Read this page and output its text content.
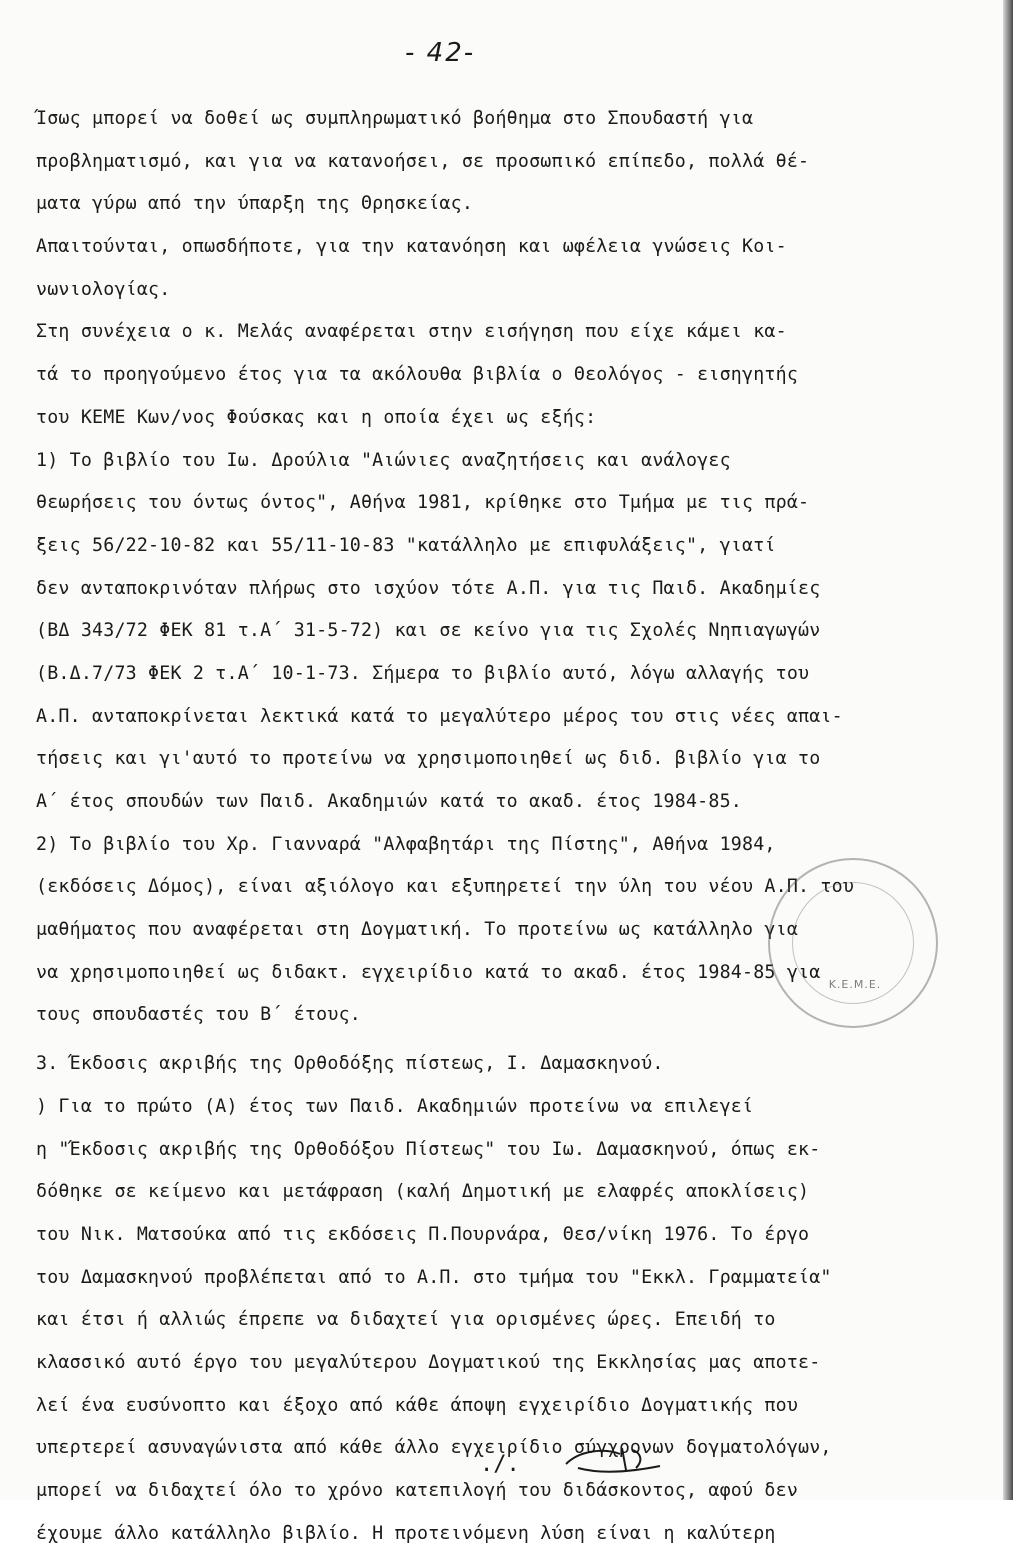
- 42-
Ίσως μπορεί να δοθεί ως συμπληρωματικό βοήθημα στο Σπουδαστή για
προβληματισμό, και για να κατανοήσει, σε προσωπικό επίπεδο, πολλά θέ-
ματα γύρω από την ύπαρξη της Θρησκείας.
Απαιτούνται, οπωσδήποτε, για την κατανόηση και ωφέλεια γνώσεις Κοι-
νωνιολογίας.
Στη συνέχεια ο κ. Μελάς αναφέρεται στην εισήγηση που είχε κάμει κα-
τά το προηγούμενο έτος για τα ακόλουθα βιβλία ο Θεολόγος - εισηγητής
του ΚΕΜΕ Κων/νος Φούσκας και η οποία έχει ως εξής:
1) Το βιβλίο του Ιω. Δρούλια "Αιώνιες αναζητήσεις και ανάλογες
θεωρήσεις του όντως όντος", Αθήνα 1981, κρίθηκε στο Τμήμα με τις πρά-
ξεις 56/22-10-82 και 55/11-10-83 "κατάλληλο με επιφυλάξεις", γιατί
δεν ανταποκρινόταν πλήρως στο ισχύον τότε Α.Π. για τις Παιδ. Ακαδημίες
(ΒΔ 343/72 ΦΕΚ 81 τ.Α΄ 31-5-72) και σε κείνο για τις Σχολές Νηπιαγωγών
(Β.Δ.7/73 ΦΕΚ 2 τ.Α΄ 10-1-73. Σήμερα το βιβλίο αυτό, λόγω αλλαγής του
Α.Π. ανταποκρίνεται λεκτικά κατά το μεγαλύτερο μέρος του στις νέες απαι-
τήσεις και γι'αυτό το προτείνω να χρησιμοποιηθεί ως διδ. βιβλίο για το
Α΄ έτος σπουδών των Παιδ. Ακαδημιών κατά το ακαδ. έτος 1984-85.
2) Το βιβλίο του Χρ. Γιανναρά "Αλφαβητάρι της Πίστης", Αθήνα 1984,
(εκδόσεις Δόμος), είναι αξιόλογο και εξυπηρετεί την ύλη του νέου Α.Π. του
μαθήματος που αναφέρεται στη Δογματική. Το προτείνω ως κατάλληλο για
να χρησιμοποιηθεί ως διδακτ. εγχειρίδιο κατά το ακαδ. έτος 1984-85 για
τους σπουδαστές του Β΄ έτους.
3. Έκδοσις ακριβής της Ορθοδόξης πίστεως, Ι. Δαμασκηνού.
) Για το πρώτο (Α) έτος των Παιδ. Ακαδημιών προτείνω να επιλεγεί
η "Έκδοσις ακριβής της Ορθοδόξου Πίστεως" του Ιω. Δαμασκηνού, όπως εκ-
δόθηκε σε κείμενο και μετάφραση (καλή Δημοτική με ελαφρές αποκλίσεις)
του Νικ. Ματσούκα από τις εκδόσεις Π.Πουρνάρα, Θεσ/νίκη 1976. Το έργο
του Δαμασκηνού προβλέπεται από το Α.Π. στο τμήμα του "Εκκλ. Γραμματεία"
και έτσι ή αλλιώς έπρεπε να διδαχτεί για ορισμένες ώρες. Επειδή το
κλασσικό αυτό έργο του μεγαλύτερου Δογματικού της Εκκλησίας μας αποτε-
λεί ένα ευσύνοπτο και έξοχο από κάθε άποψη εγχειρίδιο Δογματικής που
υπερτερεί ασυναγώνιστα από κάθε άλλο εγχειρίδιο σύγχρονων δογματολόγων,
μπορεί να διδαχτεί όλο το χρόνο κατεπιλογή του διδάσκοντος, αφού δεν
έχουμε άλλο κατάλληλο βιβλίο. Η προτεινόμενη λύση είναι η καλύτερη
Κ.Ε.Μ.Ε.
./.
